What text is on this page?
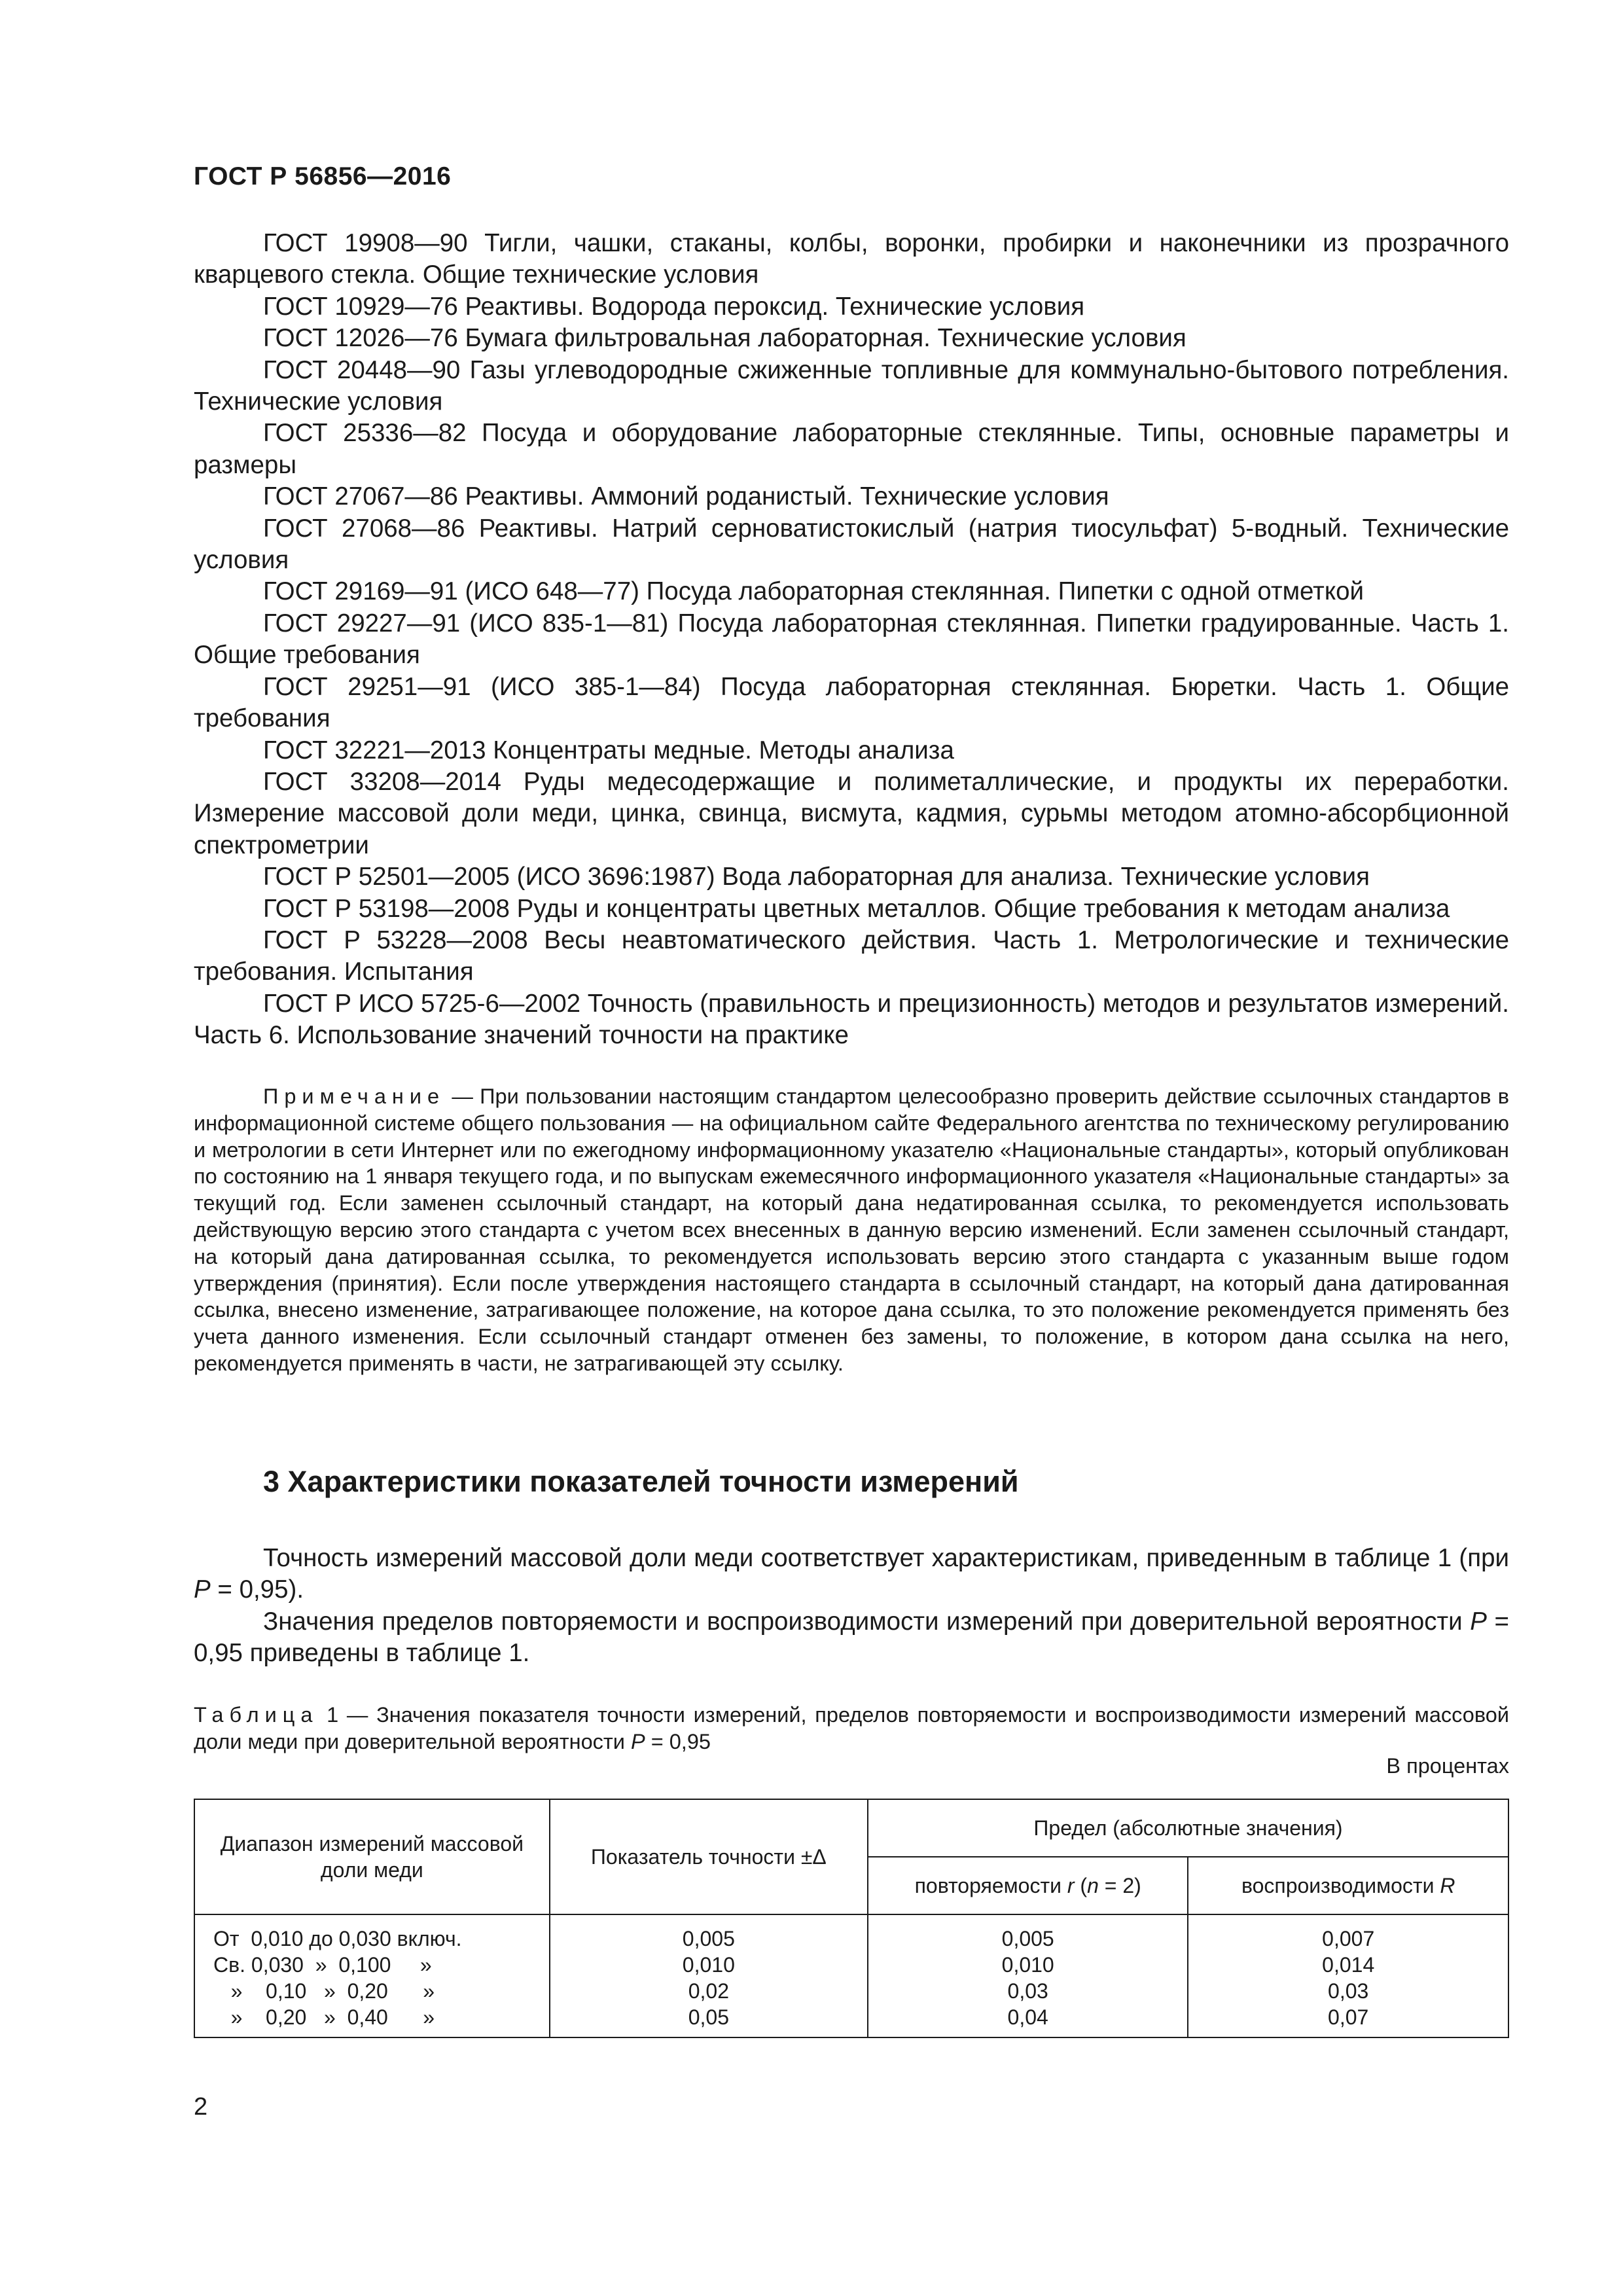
ГОСТ Р 56856—2016

ГОСТ 19908—90 Тигли, чашки, стаканы, колбы, воронки, пробирки и наконечники из прозрачного кварцевого стекла. Общие технические условия

ГОСТ 10929—76 Реактивы. Водорода пероксид. Технические условия

ГОСТ 12026—76 Бумага фильтровальная лабораторная. Технические условия

ГОСТ 20448—90 Газы углеводородные сжиженные топливные для коммунально-бытового потребления. Технические условия

ГОСТ 25336—82 Посуда и оборудование лабораторные стеклянные. Типы, основные параметры и размеры

ГОСТ 27067—86 Реактивы. Аммоний роданистый. Технические условия

ГОСТ 27068—86 Реактивы. Натрий серноватистокислый (натрия тиосульфат) 5-водный. Технические условия

ГОСТ 29169—91 (ИСО 648—77) Посуда лабораторная стеклянная. Пипетки с одной отметкой

ГОСТ 29227—91 (ИСО 835-1—81) Посуда лабораторная стеклянная. Пипетки градуированные. Часть 1. Общие требования

ГОСТ 29251—91 (ИСО 385-1—84) Посуда лабораторная стеклянная. Бюретки. Часть 1. Общие требования

ГОСТ 32221—2013 Концентраты медные. Методы анализа

ГОСТ 33208—2014 Руды медесодержащие и полиметаллические, и продукты их переработки. Измерение массовой доли меди, цинка, свинца, висмута, кадмия, сурьмы методом атомно-абсорбционной спектрометрии

ГОСТ Р 52501—2005 (ИСО 3696:1987) Вода лабораторная для анализа. Технические условия

ГОСТ Р 53198—2008 Руды и концентраты цветных металлов. Общие требования к методам анализа

ГОСТ Р 53228—2008 Весы неавтоматического действия. Часть 1. Метрологические и технические требования. Испытания

ГОСТ Р ИСО 5725-6—2002 Точность (правильность и прецизионность) методов и результатов измерений. Часть 6. Использование значений точности на практике

Примечание — При пользовании настоящим стандартом целесообразно проверить действие ссылочных стандартов в информационной системе общего пользования — на официальном сайте Федерального агентства по техническому регулированию и метрологии в сети Интернет или по ежегодному информационному указателю «Национальные стандарты», который опубликован по состоянию на 1 января текущего года, и по выпускам ежемесячного информационного указателя «Национальные стандарты» за текущий год. Если заменен ссылочный стандарт, на который дана недатированная ссылка, то рекомендуется использовать действующую версию этого стандарта с учетом всех внесенных в данную версию изменений. Если заменен ссылочный стандарт, на который дана датированная ссылка, то рекомендуется использовать версию этого стандарта с указанным выше годом утверждения (принятия). Если после утверждения настоящего стандарта в ссылочный стандарт, на который дана датированная ссылка, внесено изменение, затрагивающее положение, на которое дана ссылка, то это положение рекомендуется применять без учета данного изменения. Если ссылочный стандарт отменен без замены, то положение, в котором дана ссылка на него, рекомендуется применять в части, не затрагивающей эту ссылку.
3 Характеристики показателей точности измерений

Точность измерений массовой доли меди соответствует характеристикам, приведенным в таблице 1 (при P = 0,95).

Значения пределов повторяемости и воспроизводимости измерений при доверительной вероятности P = 0,95 приведены в таблице 1.

Таблица 1 — Значения показателя точности измерений, пределов повторяемости и воспроизводимости измерений массовой доли меди при доверительной вероятности P = 0,95
В процентах
Диапазон измерений массовой доли меди	Показатель точности ±Δ	Предел (абсолютные значения)	
		повторяемости r (n = 2)	воспроизводимости R
От  0,010 до 0,030 включ.	0,005	0,005	0,007
Св. 0,030  »  0,100     »	0,010	0,010	0,014
»    0,10   »  0,20      »	0,02	0,03	0,03
»    0,20   »  0,40      »	0,05	0,04	0,07
2
